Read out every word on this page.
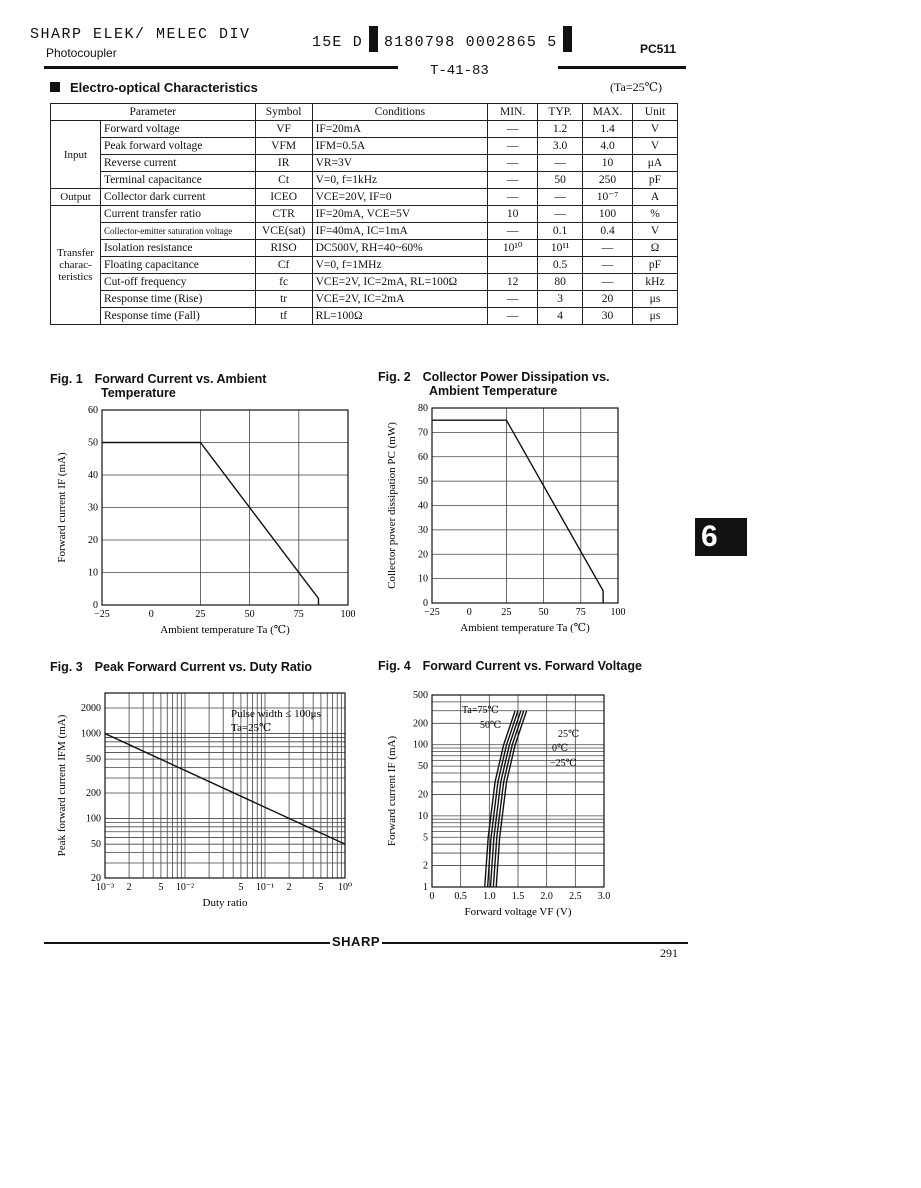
SHARP ELEK/ MELEC DIV	15E D 8180798 0002865 5
Photocoupler	PC511
T-41-83
Electro-optical Characteristics	(Ta=25℃)
Parameter		Symbol	Conditions	MIN.	TYP.	MAX.	Unit
Input	Forward voltage	VF	IF=20mA	—	1.2	1.4	V
	Peak forward voltage	VFM	IFM=0.5A	—	3.0	4.0	V
	Reverse current	IR	VR=3V	—	—	10	μA
	Terminal capacitance	Ct	V=0, f=1kHz	—	50	250	pF
Output	Collector dark current	ICEO	VCE=20V, IF=0	—	—	10⁻⁷	A
Transfer charac-teristics	Current transfer ratio	CTR	IF=20mA, VCE=5V	10	—	100	%
	Collector-emitter saturation voltage	VCE(sat)	IF=40mA, IC=1mA	—	0.1	0.4	V
	Isolation resistance	RISO	DC500V, RH=40~60%	10¹⁰	10¹¹	—	Ω
	Floating capacitance	Cf	V=0, f=1MHz		0.5	—	pF
	Cut-off frequency	fc	VCE=2V, IC=2mA, RL=100Ω	12	80	—	kHz
	Response time (Rise)	tr	VCE=2V, IC=2mA	—	3	20	μs
	Response time (Fall)	tf	RL=100Ω	—	4	30	μs
Fig. 1 Forward Current vs. Ambient
Temperature
Fig. 2 Collector Power Dissipation vs.
Ambient Temperature
Fig. 3 Peak Forward Current vs. Duty Ratio	Fig. 4 Forward Current vs. Forward Voltage
−25	0	25	50	75	100
0
10
20
30
40
50
60
Ambient temperature Ta (℃)
Forward current IF (mA)
−25	0	25	50	75 100
0
10
20
30
40
50
60
70
80
Ambient temperature Ta (℃)
Collector power dissipation PC (mW)
10⁻³ 2	5 10⁻²	5 10⁻¹ 2	5 10⁰
20
50
100
200
500
1000
2000
Duty ratio
Peak forward current IFM (mA)
Pulse width ≤ 100μs
Ta=25℃
0 0.5 1.0 1.5 2.0 2.5 3.0
1
2
5
10
20
50
100
200
500
Forward voltage VF (V)
Forward current IF (mA)
Ta=75℃
50℃
25℃
0℃
−25℃
6
SHARP
291
